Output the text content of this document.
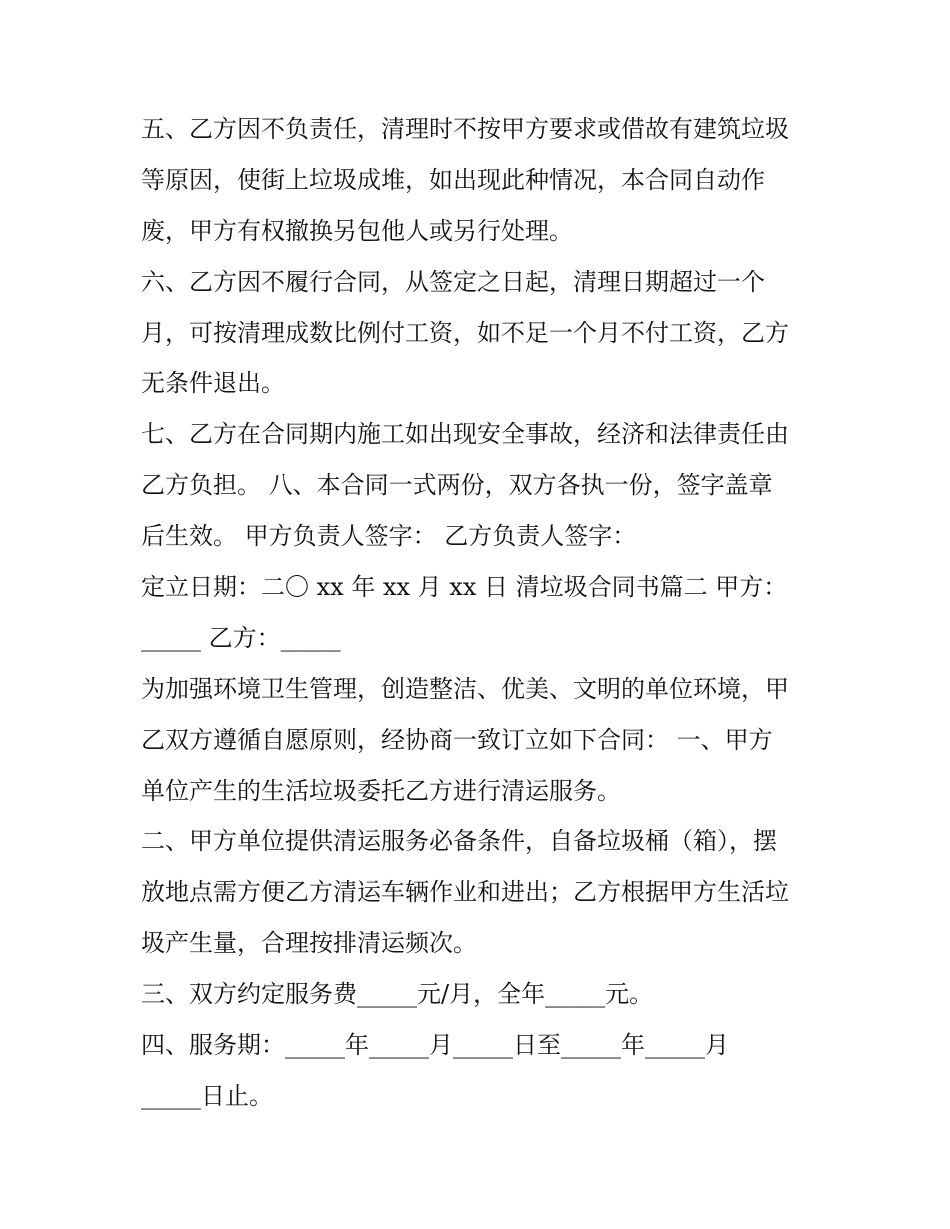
五、乙方因不负责任，清理时不按甲方要求或借故有建筑垃圾
等原因，使街上垃圾成堆，如出现此种情况，本合同自动作
废，甲方有权撤换另包他人或另行处理。
六、乙方因不履行合同，从签定之日起，清理日期超过一个
月，可按清理成数比例付工资，如不足一个月不付工资，乙方
无条件退出。
七、乙方在合同期内施工如出现安全事故，经济和法律责任由
乙方负担。 八、本合同一式两份，双方各执一份，签字盖章
后生效。 甲方负责人签字： 乙方负责人签字：
定立日期：二〇 xx 年 xx 月 xx 日 清垃圾合同书篇二 甲方：
_____ 乙方：_____
为加强环境卫生管理，创造整洁、优美、文明的单位环境，甲
乙双方遵循自愿原则，经协商一致订立如下合同： 一、甲方
单位产生的生活垃圾委托乙方进行清运服务。
二、甲方单位提供清运服务必备条件，自备垃圾桶（箱），摆
放地点需方便乙方清运车辆作业和进出；乙方根据甲方生活垃
圾产生量，合理按排清运频次。
三、双方约定服务费_____元/月，全年_____元。
四、服务期：_____年_____月_____日至_____年_____月
_____日止。
